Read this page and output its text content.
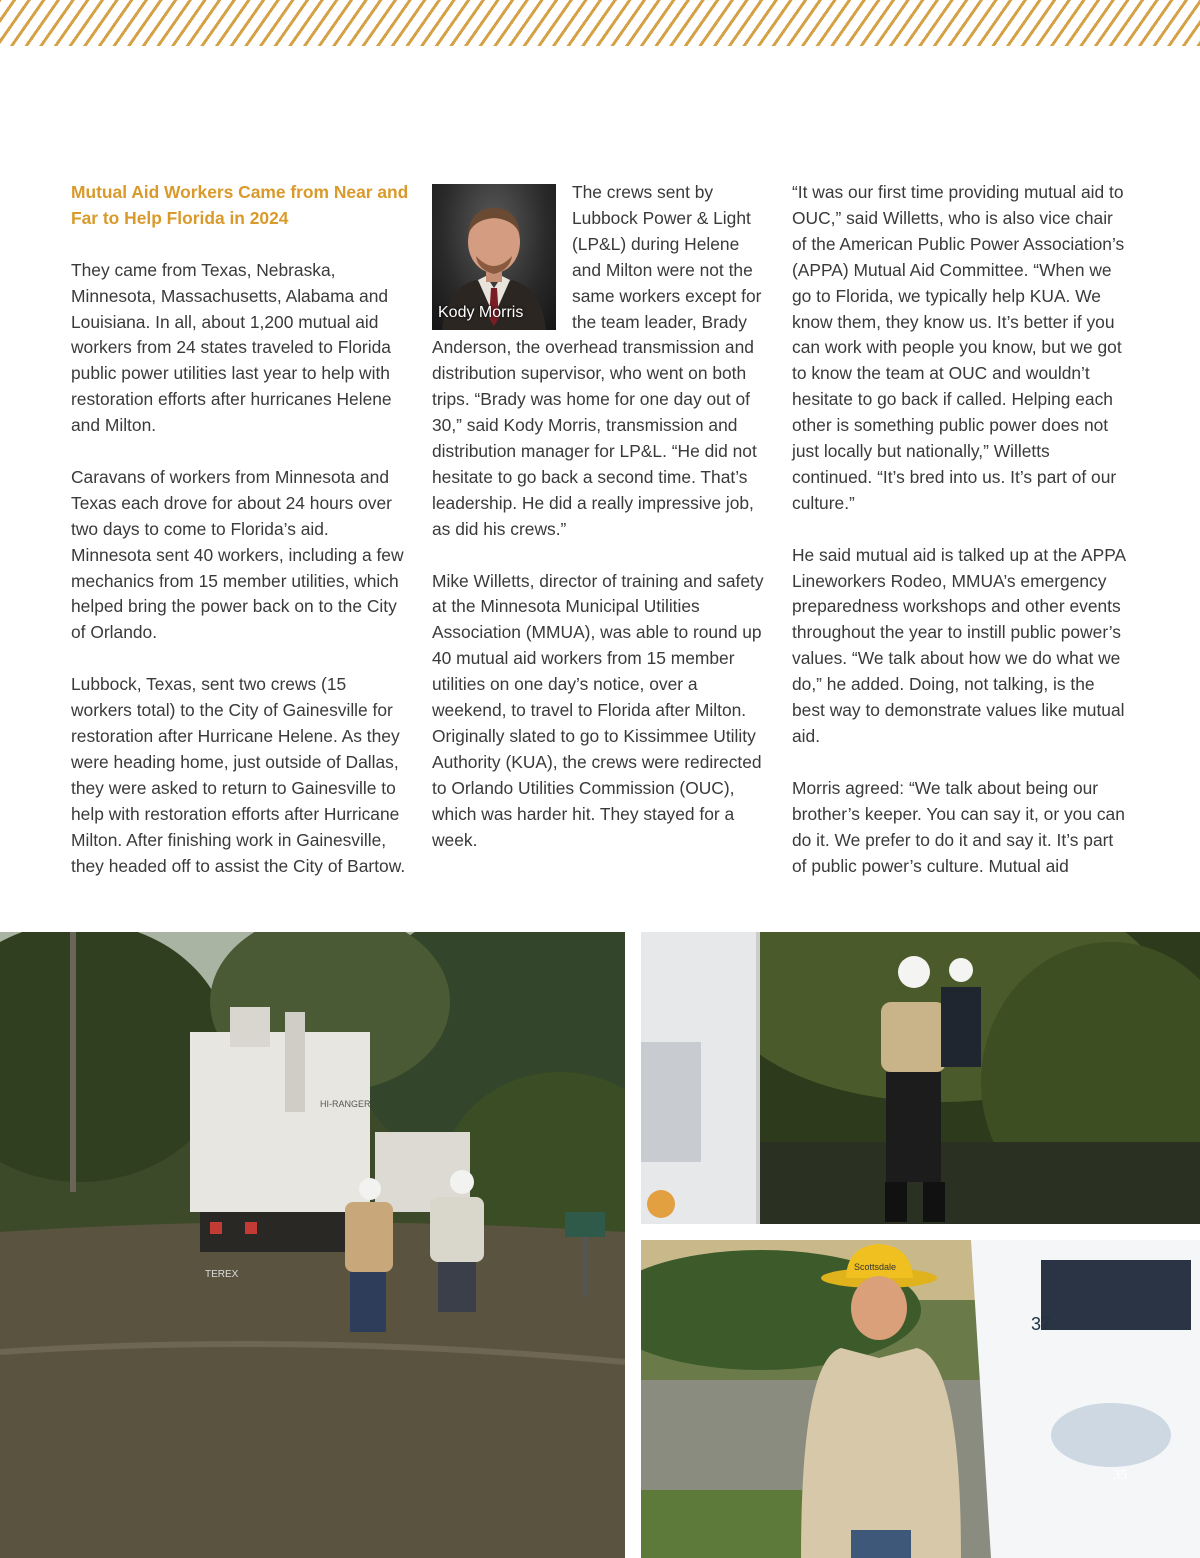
Mutual Aid Workers Came from Near and Far to Help Florida in 2024

They came from Texas, Nebraska, Minnesota, Massachusetts, Alabama and Louisiana. In all, about 1,200 mutual aid workers from 24 states traveled to Florida public power utilities last year to help with restoration efforts after hurricanes Helene and Milton.

Caravans of workers from Minnesota and Texas each drove for about 24 hours over two days to come to Florida’s aid. Minnesota sent 40 workers, including a few mechanics from 15 member utilities, which helped bring the power back on to the City of Orlando.

Lubbock, Texas, sent two crews (15 workers total) to the City of Gainesville for restoration after Hurricane Helene. As they were heading home, just outside of Dallas, they were asked to return to Gainesville to help with restoration efforts after Hurricane Milton. After finishing work in Gainesville, they headed off to assist the City of Bartow.

Kody Morris
The crews sent by Lubbock Power & Light (LP&L) during Helene and Milton were not the same workers except for the team leader, Brady Anderson, the overhead transmission and distribution supervisor, who went on both trips. “Brady was home for one day out of 30,” said Kody Morris, transmission and distribution manager for LP&L. “He did not hesitate to go back a second time. That’s leadership. He did a really impressive job, as did his crews.”

Mike Willetts, director of training and safety at the Minnesota Municipal Utilities Association (MMUA), was able to round up 40 mutual aid workers from 15 member utilities on one day’s notice, over a weekend, to travel to Florida after Milton. Originally slated to go to Kissimmee Utility Authority (KUA), the crews were redirected to Orlando Utilities Commission (OUC), which was harder hit. They stayed for a week.

“It was our first time providing mutual aid to OUC,” said Willetts, who is also vice chair of the American Public Power Association’s (APPA) Mutual Aid Committee. “When we go to Florida, we typically help KUA. We know them, they know us. It’s better if you can work with people you know, but we got to know the team at OUC and wouldn’t hesitate to go back if called. Helping each other is something public power does not just locally but nationally,” Willetts continued. “It’s bred into us. It’s part of our culture.”

He said mutual aid is talked up at the APPA Lineworkers Rodeo, MMUA’s emergency preparedness workshops and other events throughout the year to instill public power’s values. “We talk about how we do what we do,” he added. Doing, not talking, is the best way to demonstrate values like mutual aid.

Morris agreed: “We talk about being our brother’s keeper. You can say it, or you can do it. We prefer to do it and say it. It’s part of public power’s culture. Mutual aid

HI-RANGER
TEREX
37
Scottsdale
35
